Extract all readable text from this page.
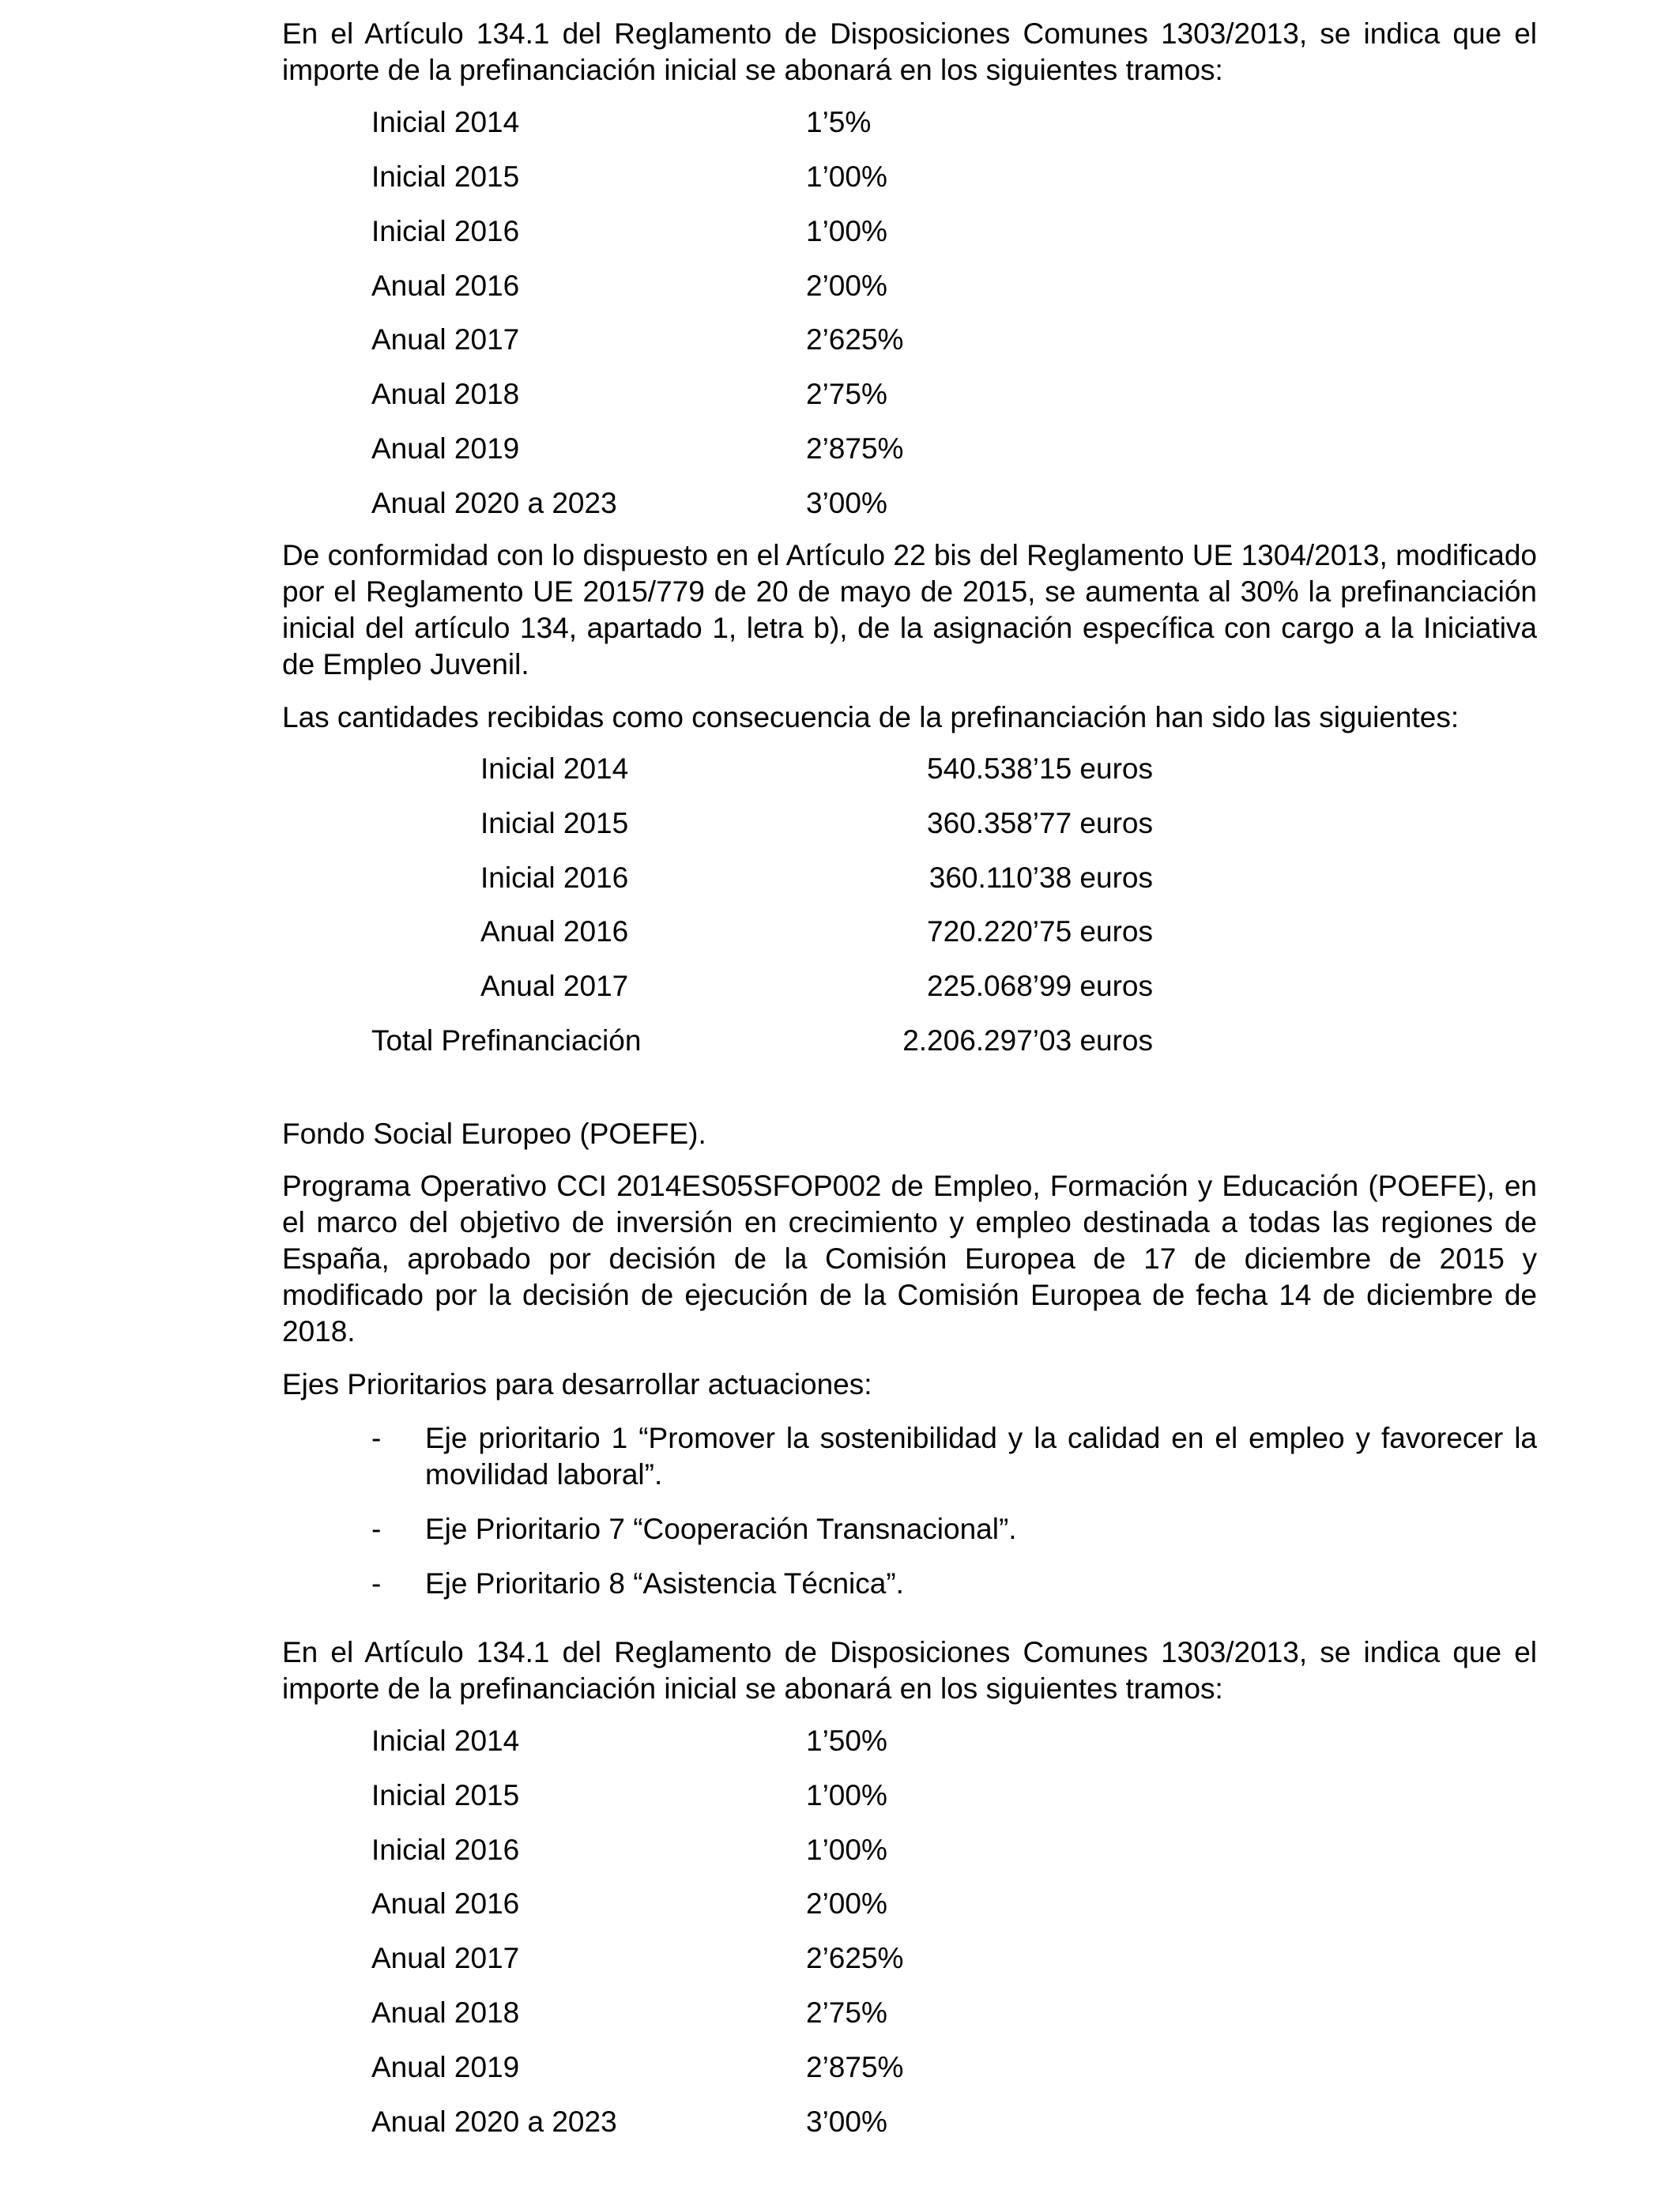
En el Artículo 134.1 del Reglamento de Disposiciones Comunes 1303/2013, se indica que el importe de la prefinanciación inicial se abonará en los siguientes tramos:

Inicial 2014	1’5%
Inicial 2015	1’00%
Inicial 2016	1’00%
Anual 2016	2’00%
Anual 2017	2’625%
Anual 2018	2’75%
Anual 2019	2’875%
Anual 2020 a 2023	3’00%

De conformidad con lo dispuesto en el Artículo 22 bis del Reglamento UE 1304/2013, modificado por el Reglamento UE 2015/779 de 20 de mayo de 2015, se aumenta al 30% la prefinanciación inicial del artículo 134, apartado 1, letra b), de la asignación específica con cargo a la Iniciativa de Empleo Juvenil.

Las cantidades recibidas como consecuencia de la prefinanciación han sido las siguientes:

Inicial 2014	540.538’15 euros
Inicial 2015	360.358’77 euros
Inicial 2016	360.110’38 euros
Anual 2016	720.220’75 euros
Anual 2017	225.068’99 euros
Total Prefinanciación	2.206.297’03 euros

Fondo Social Europeo (POEFE).

Programa Operativo CCI 2014ES05SFOP002 de Empleo, Formación y Educación (POEFE), en el marco del objetivo de inversión en crecimiento y empleo destinada a todas las regiones de España, aprobado por decisión de la Comisión Europea de 17 de diciembre de 2015 y modificado por la decisión de ejecución de la Comisión Europea de fecha 14 de diciembre de 2018.

Ejes Prioritarios para desarrollar actuaciones:

- Eje prioritario 1 “Promover la sostenibilidad y la calidad en el empleo y favorecer la movilidad laboral”.
- Eje Prioritario 7 “Cooperación Transnacional”.
- Eje Prioritario 8 “Asistencia Técnica”.

En el Artículo 134.1 del Reglamento de Disposiciones Comunes 1303/2013, se indica que el importe de la prefinanciación inicial se abonará en los siguientes tramos:

Inicial 2014	1’50%
Inicial 2015	1’00%
Inicial 2016	1’00%
Anual 2016	2’00%
Anual 2017	2’625%
Anual 2018	2’75%
Anual 2019	2’875%
Anual 2020 a 2023	3’00%
